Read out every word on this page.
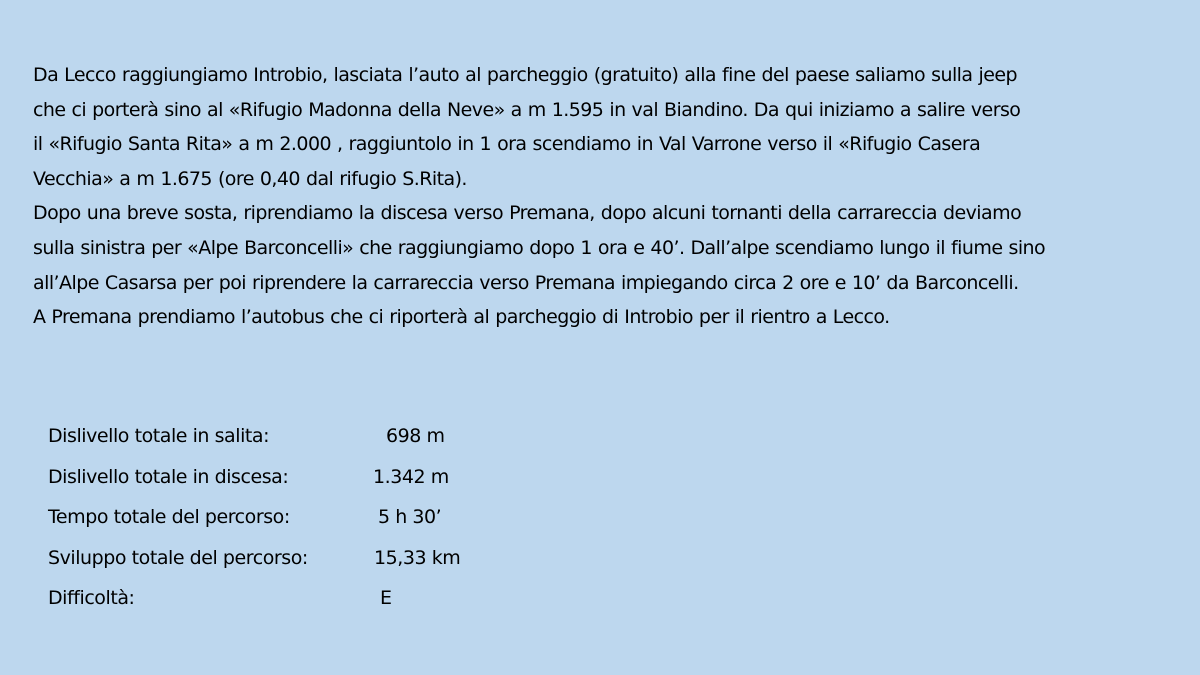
Da Lecco raggiungiamo Introbio, lasciata l’auto al parcheggio (gratuito) alla fine del paese saliamo sulla jeep
che ci porterà sino al «Rifugio Madonna della Neve» a m 1.595 in val Biandino. Da qui iniziamo a salire verso
il «Rifugio Santa Rita» a m 2.000 , raggiuntolo in 1 ora scendiamo in Val Varrone verso il «Rifugio Casera
Vecchia» a m 1.675 (ore 0,40 dal rifugio S.Rita).
Dopo una breve sosta, riprendiamo la discesa verso Premana, dopo alcuni tornanti della carrareccia deviamo
sulla sinistra per «Alpe Barconcelli» che raggiungiamo dopo 1 ora e 40’. Dall’alpe scendiamo lungo il fiume sino
all’Alpe Casarsa per poi riprendere la carrareccia verso Premana impiegando circa 2 ore e 10’ da Barconcelli.
A Premana prendiamo l’autobus che ci riporterà al parcheggio di Introbio per il rientro a Lecco.
Dislivello totale in salita:	698 m
Dislivello totale in discesa:	1.342 m
Tempo totale del percorso:	5 h 30’
Sviluppo totale del percorso:	15,33 km
Difficoltà:	E
